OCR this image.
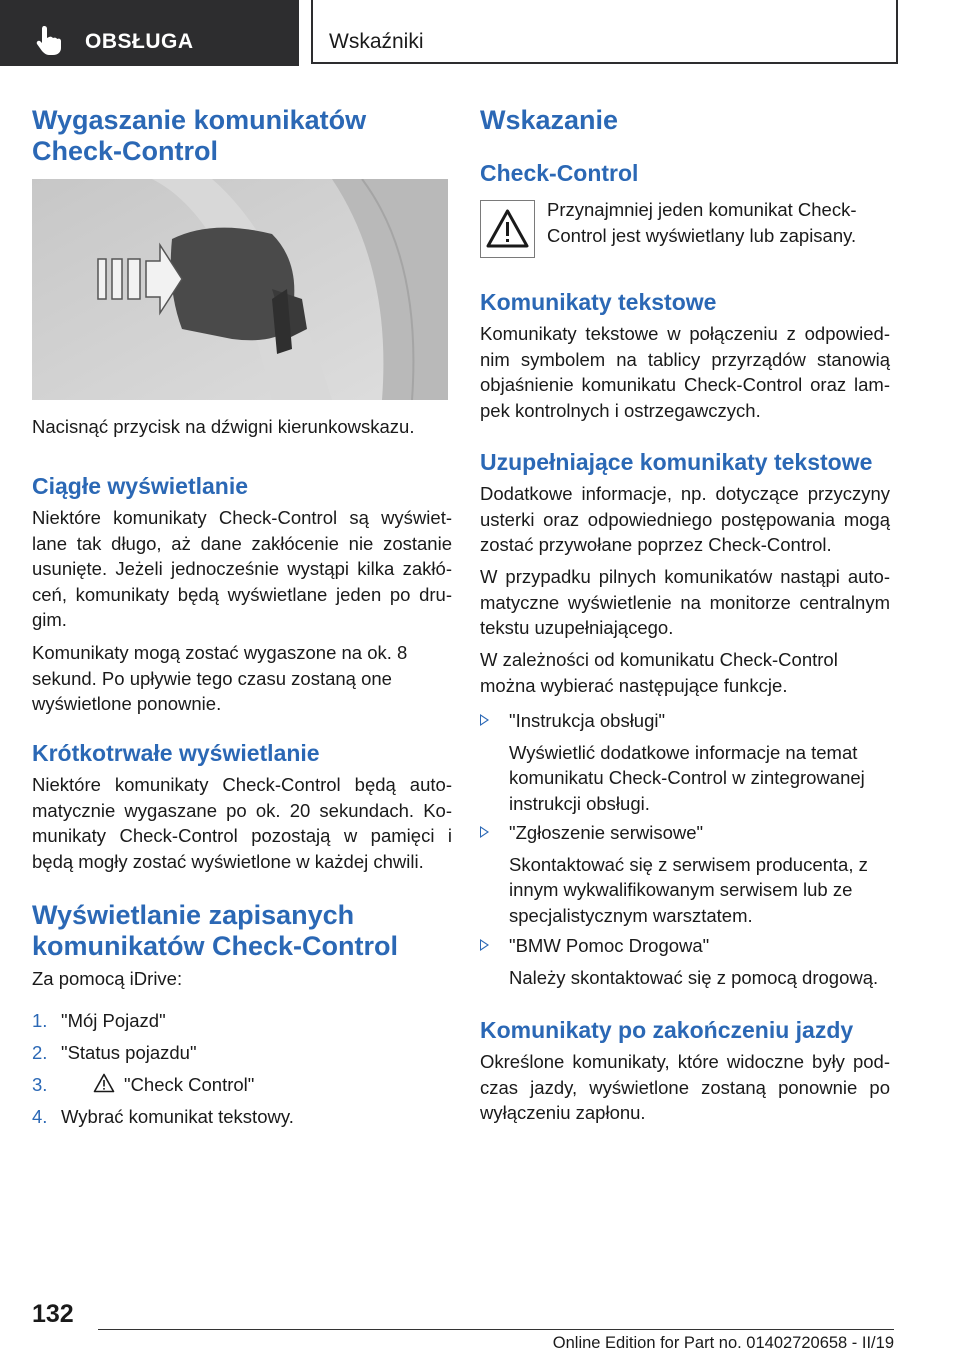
OBSŁUGA	Wskaźniki
Wygaszanie komunikatów Check-Control

Nacisnąć przycisk na dźwigni kierunkowskazu.

Ciągłe wyświetlanie

Niektóre komunikaty Check-Control są wyświetlane tak długo, aż dane zakłócenie nie zostanie usunięte. Jeżeli jednocześnie wystąpi kilka zakłóceń, komunikaty będą wyświetlane jeden po drugim.

Komunikaty mogą zostać wygaszone na ok. 8 sekund. Po upływie tego czasu zostaną one wyświetlone ponownie.

Krótkotrwałe wyświetlanie

Niektóre komunikaty Check-Control będą automatycznie wygaszane po ok. 20 sekundach. Komunikaty Check-Control pozostają w pamięci i będą mogły zostać wyświetlone w każdej chwili.

Wyświetlanie zapisanych komunikatów Check-Control

Za pomocą iDrive:

1. "Mój Pojazd"
2. "Status pojazdu"
3.	"Check Control"
4. Wybrać komunikat tekstowy.
Wskazanie
Check-Control

Przynajmniej jeden komunikat Check-Control jest wyświetlany lub zapisany.

Komunikaty tekstowe

Komunikaty tekstowe w połączeniu z odpowiednim symbolem na tablicy przyrządów stanowią objaśnienie komunikatu Check-Control oraz lampek kontrolnych i ostrzegawczych.

Uzupełniające komunikaty tekstowe

Dodatkowe informacje, np. dotyczące przyczyny usterki oraz odpowiedniego postępowania mogą zostać przywołane poprzez Check-Control.

W przypadku pilnych komunikatów nastąpi automatyczne wyświetlenie na monitorze centralnym tekstu uzupełniającego.

W zależności od komunikatu Check-Control można wybierać następujące funkcje.

"Instrukcja obsługi"

Wyświetlić dodatkowe informacje na temat komunikatu Check-Control w zintegrowanej instrukcji obsługi.

"Zgłoszenie serwisowe"

Skontaktować się z serwisem producenta, z innym wykwalifikowanym serwisem lub ze specjalistycznym warsztatem.

"BMW Pomoc Drogowa"

Należy skontaktować się z pomocą drogową.

Komunikaty po zakończeniu jazdy

Określone komunikaty, które widoczne były podczas jazdy, wyświetlone zostaną ponownie po wyłączeniu zapłonu.

132
Online Edition for Part no. 01402720658 - II/19
